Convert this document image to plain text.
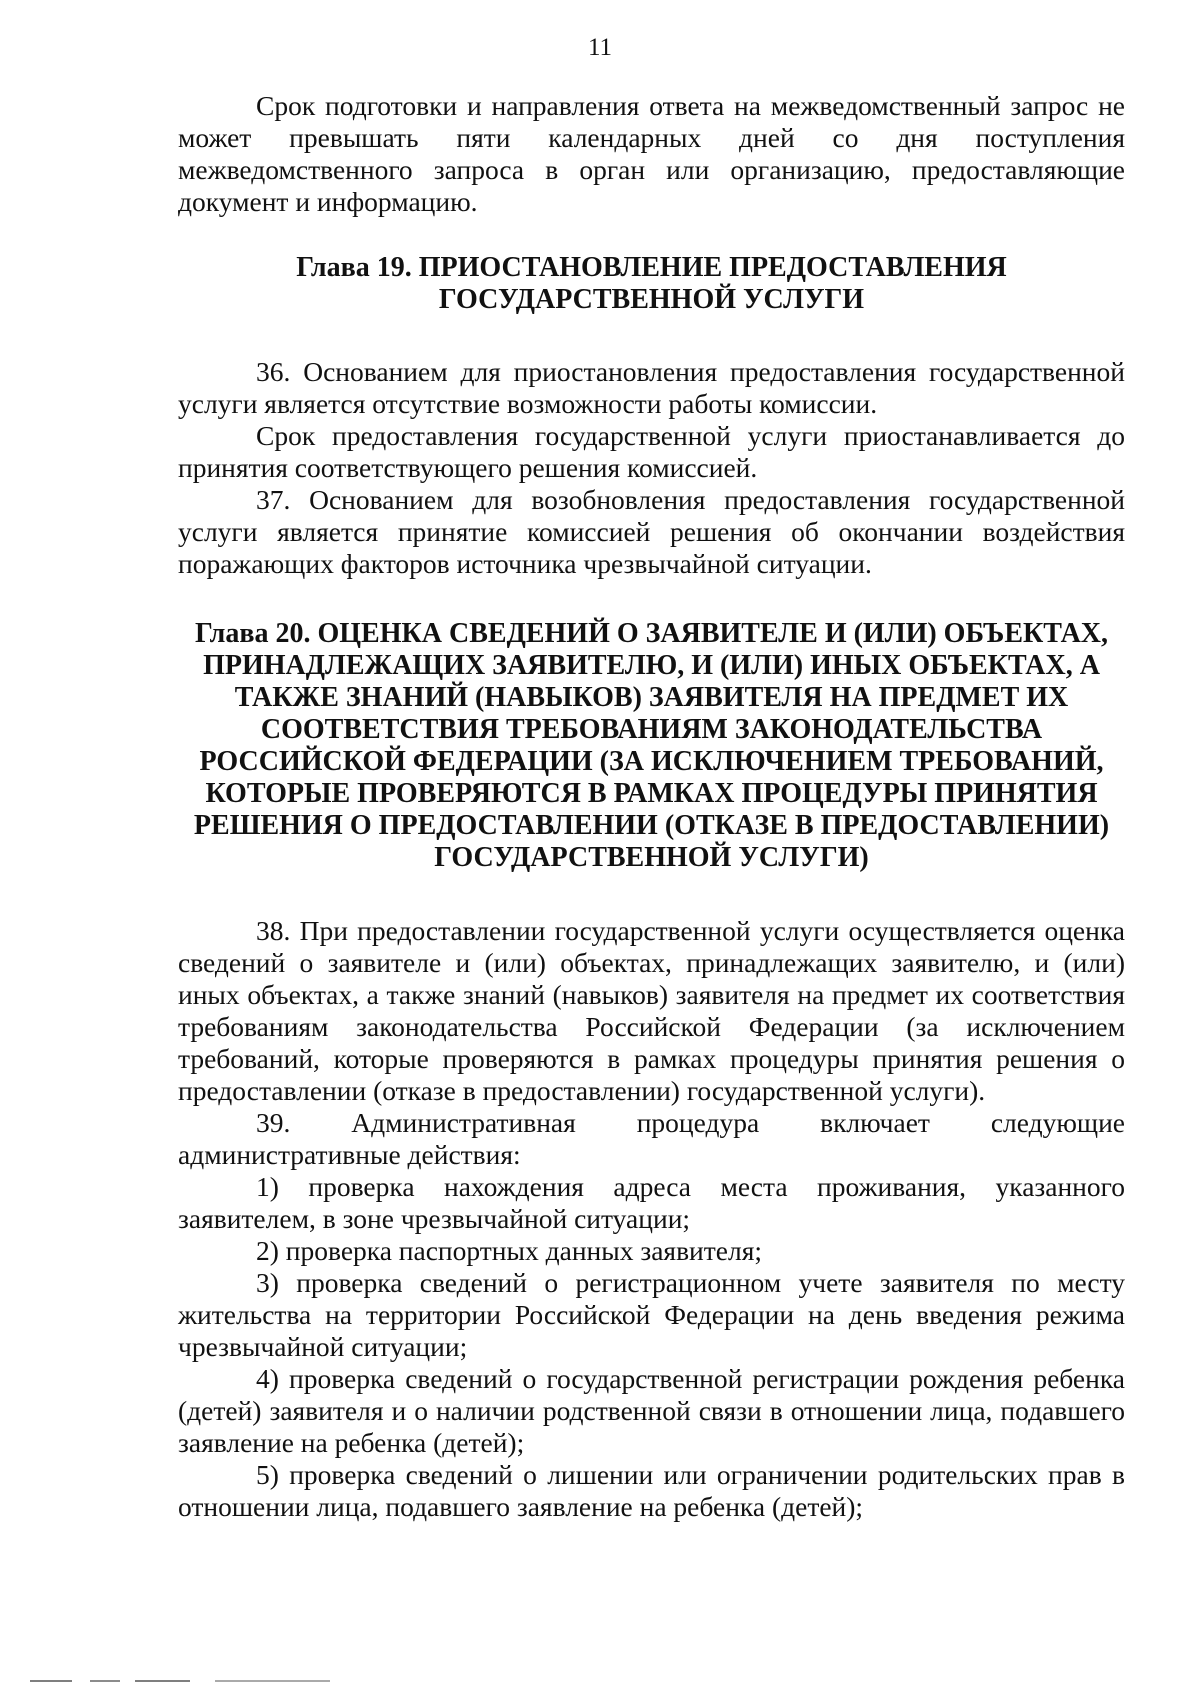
11

Срок подготовки и направления ответа на межведомственный запрос не может превышать пяти календарных дней со дня поступления межведомственного запроса в орган или организацию, предоставляющие документ и информацию.

Глава 19. ПРИОСТАНОВЛЕНИЕ ПРЕДОСТАВЛЕНИЯ
ГОСУДАРСТВЕННОЙ УСЛУГИ

36. Основанием для приостановления предоставления государственной услуги является отсутствие возможности работы комиссии.

Срок предоставления государственной услуги приостанавливается до принятия соответствующего решения комиссией.

37. Основанием для возобновления предоставления государственной услуги является принятие комиссией решения об окончании воздействия поражающих факторов источника чрезвычайной ситуации.

Глава 20. ОЦЕНКА СВЕДЕНИЙ О ЗАЯВИТЕЛЕ И (ИЛИ) ОБЪЕКТАХ,
ПРИНАДЛЕЖАЩИХ ЗАЯВИТЕЛЮ, И (ИЛИ) ИНЫХ ОБЪЕКТАХ, А
ТАКЖЕ ЗНАНИЙ (НАВЫКОВ) ЗАЯВИТЕЛЯ НА ПРЕДМЕТ ИХ
СООТВЕТСТВИЯ ТРЕБОВАНИЯМ ЗАКОНОДАТЕЛЬСТВА
РОССИЙСКОЙ ФЕДЕРАЦИИ (ЗА ИСКЛЮЧЕНИЕМ ТРЕБОВАНИЙ,
КОТОРЫЕ ПРОВЕРЯЮТСЯ В РАМКАХ ПРОЦЕДУРЫ ПРИНЯТИЯ
РЕШЕНИЯ О ПРЕДОСТАВЛЕНИИ (ОТКАЗЕ В ПРЕДОСТАВЛЕНИИ)
ГОСУДАРСТВЕННОЙ УСЛУГИ)

38. При предоставлении государственной услуги осуществляется оценка сведений о заявителе и (или) объектах, принадлежащих заявителю, и (или) иных объектах, а также знаний (навыков) заявителя на предмет их соответствия требованиям законодательства Российской Федерации (за исключением требований, которые проверяются в рамках процедуры принятия решения о предоставлении (отказе в предоставлении) государственной услуги).

39. Административная процедура включает следующие административные действия:

1) проверка нахождения адреса места проживания, указанного заявителем, в зоне чрезвычайной ситуации;

2) проверка паспортных данных заявителя;

3) проверка сведений о регистрационном учете заявителя по месту жительства на территории Российской Федерации на день введения режима чрезвычайной ситуации;

4) проверка сведений о государственной регистрации рождения ребенка (детей) заявителя и о наличии родственной связи в отношении лица, подавшего заявление на ребенка (детей);

5) проверка сведений о лишении или ограничении родительских прав в отношении лица, подавшего заявление на ребенка (детей);
